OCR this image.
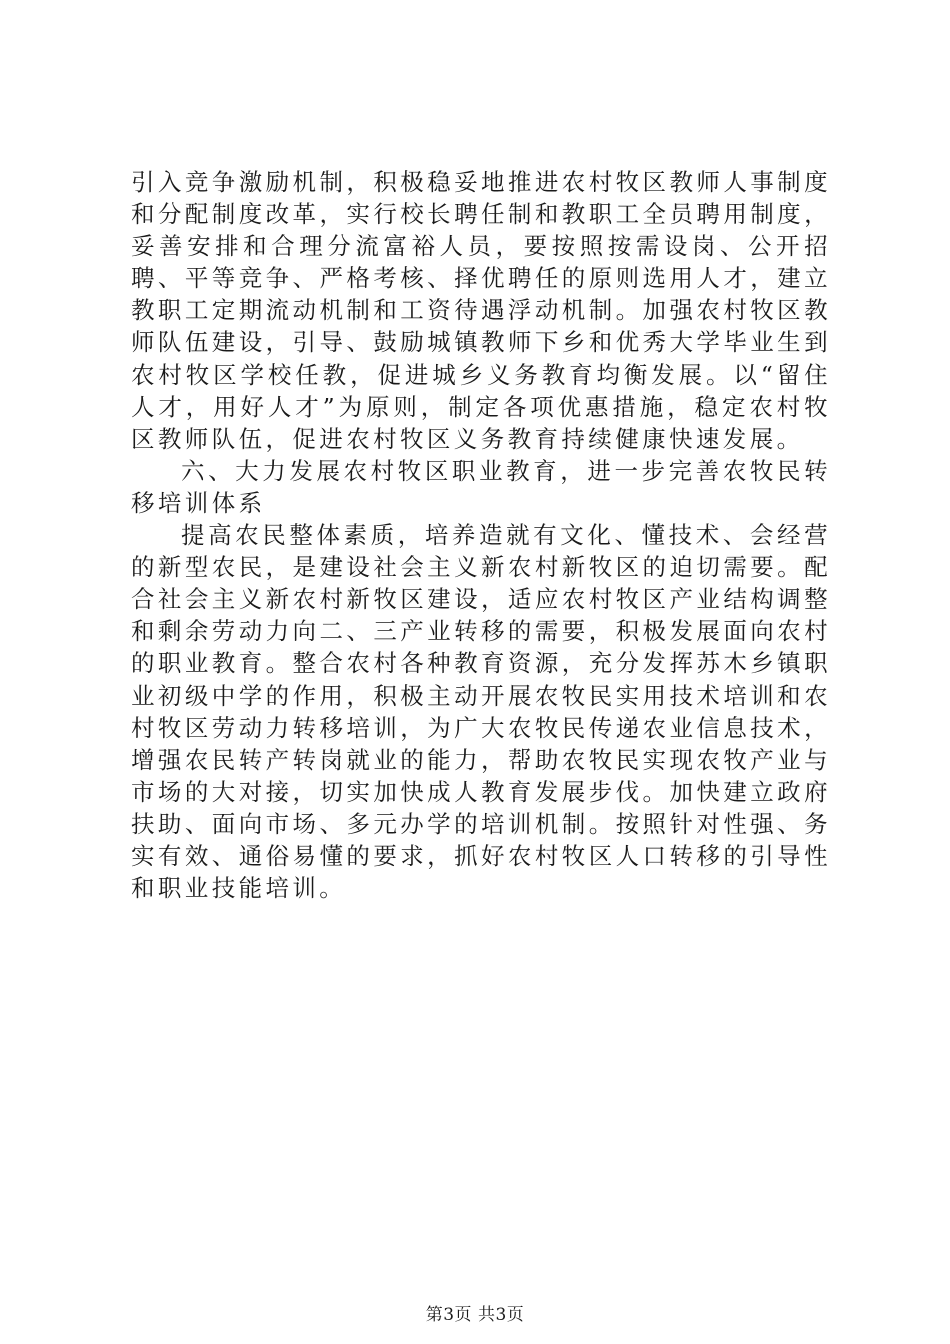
引入竞争激励机制，积极稳妥地推进农村牧区教师人事制度和分配制度改革，实行校长聘任制和教职工全员聘用制度，妥善安排和合理分流富裕人员，要按照按需设岗、公开招聘、平等竞争、严格考核、择优聘任的原则选用人才，建立教职工定期流动机制和工资待遇浮动机制。加强农村牧区教师队伍建设，引导、鼓励城镇教师下乡和优秀大学毕业生到农村牧区学校任教，促进城乡义务教育均衡发展。以“留住人才，用好人才”为原则，制定各项优惠措施，稳定农村牧区教师队伍，促进农村牧区义务教育持续健康快速发展。

六、大力发展农村牧区职业教育，进一步完善农牧民转移培训体系

提高农民整体素质，培养造就有文化、懂技术、会经营的新型农民，是建设社会主义新农村新牧区的迫切需要。配合社会主义新农村新牧区建设，适应农村牧区产业结构调整和剩余劳动力向二、三产业转移的需要，积极发展面向农村的职业教育。整合农村各种教育资源，充分发挥苏木乡镇职业初级中学的作用，积极主动开展农牧民实用技术培训和农村牧区劳动力转移培训，为广大农牧民传递农业信息技术，增强农民转产转岗就业的能力，帮助农牧民实现农牧产业与市场的大对接，切实加快成人教育发展步伐。加快建立政府扶助、面向市场、多元办学的培训机制。按照针对性强、务实有效、通俗易懂的要求，抓好农村牧区人口转移的引导性和职业技能培训。

第3页 共3页
